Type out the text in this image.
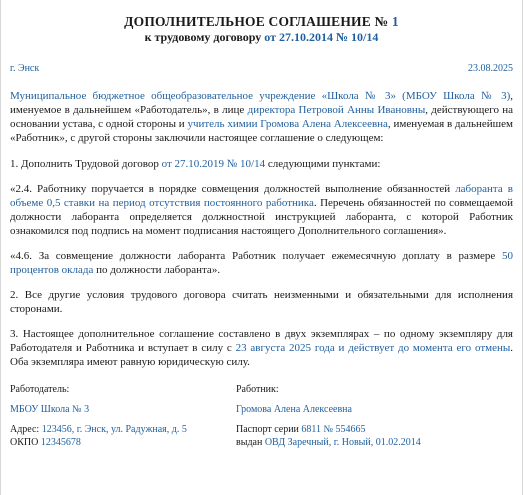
ДОПОЛНИТЕЛЬНОЕ СОГЛАШЕНИЕ № 1
к трудовому договору от 27.10.2014 № 10/14
г. Энск	23.08.2025

Муниципальное бюджетное общеобразовательное учреждение «Школа № 3» (МБОУ Школа № 3), именуемое в дальнейшем «Работодатель», в лице директора Петровой Анны Ивановны, действующего на основании устава, с одной стороны и учитель химии Громова Алена Алексеевна, именуемая в дальнейшем «Работник», с другой стороны заключили настоящее соглашение о следующем:

1. Дополнить Трудовой договор от 27.10.2019 № 10/14 следующими пунктами:

«2.4. Работнику поручается в порядке совмещения должностей выполнение обязанностей лаборанта в объеме 0,5 ставки на период отсутствия постоянного работника. Перечень обязанностей по совмещаемой должности лаборанта определяется должностной инструкцией лаборанта, с которой Работник ознакомился под подпись на момент подписания настоящего Дополнительного соглашения».

«4.6. За совмещение должности лаборанта Работник получает ежемесячную доплату в размере 50 процентов оклада по должности лаборанта».

2. Все другие условия трудового договора считать неизменными и обязательными для исполнения сторонами.

3. Настоящее дополнительное соглашение составлено в двух экземплярах – по одному экземпляру для Работодателя и Работника и вступает в силу с 23 августа 2025 года и действует до момента его отмены. Оба экземпляра имеют равную юридическую силу.

Работодатель:
МБОУ Школа № 3
Адрес: 123456, г. Энск, ул. Радужная, д. 5
ОКПО 12345678
Работник:
Громова Алена Алексеевна
Паспорт серии 6811 № 554665
выдан ОВД Заречный, г. Новый, 01.02.2014
